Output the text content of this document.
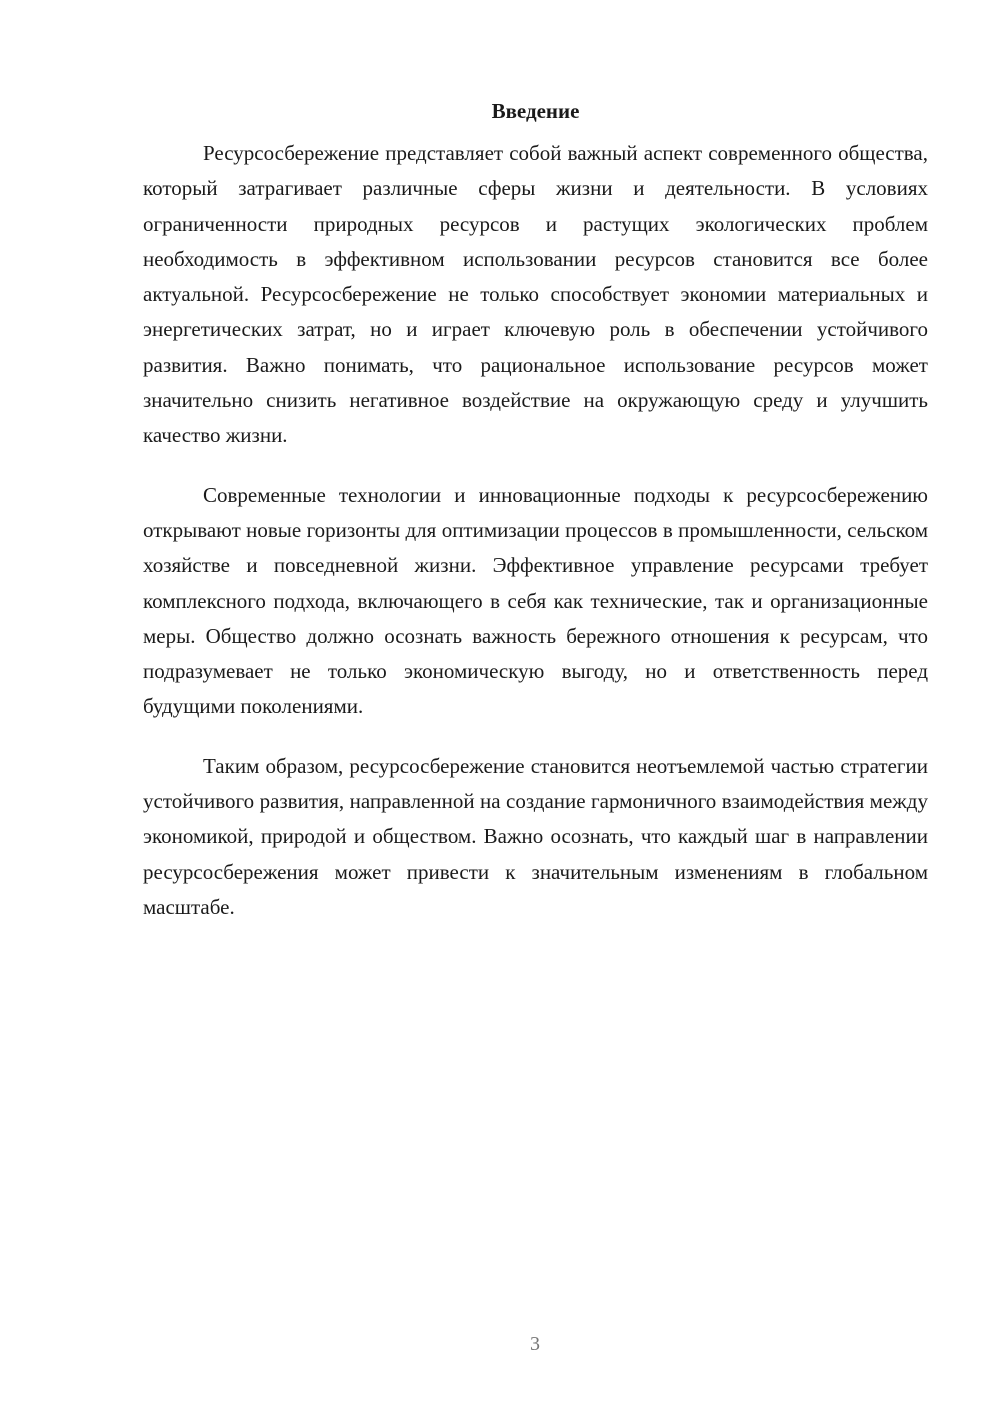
Введение

Ресурсосбережение представляет собой важный аспект современного общества, который затрагивает различные сферы жизни и деятельности. В условиях ограниченности природных ресурсов и растущих экологических проблем необходимость в эффективном использовании ресурсов становится все более актуальной. Ресурсосбережение не только способствует экономии материальных и энергетических затрат, но и играет ключевую роль в обеспечении устойчивого развития. Важно понимать, что рациональное использование ресурсов может значительно снизить негативное воздействие на окружающую среду и улучшить качество жизни.

Современные технологии и инновационные подходы к ресурсосбережению открывают новые горизонты для оптимизации процессов в промышленности, сельском хозяйстве и повседневной жизни. Эффективное управление ресурсами требует комплексного подхода, включающего в себя как технические, так и организационные меры. Общество должно осознать важность бережного отношения к ресурсам, что подразумевает не только экономическую выгоду, но и ответственность перед будущими поколениями.

Таким образом, ресурсосбережение становится неотъемлемой частью стратегии устойчивого развития, направленной на создание гармоничного взаимодействия между экономикой, природой и обществом. Важно осознать, что каждый шаг в направлении ресурсосбережения может привести к значительным изменениям в глобальном масштабе.

3
